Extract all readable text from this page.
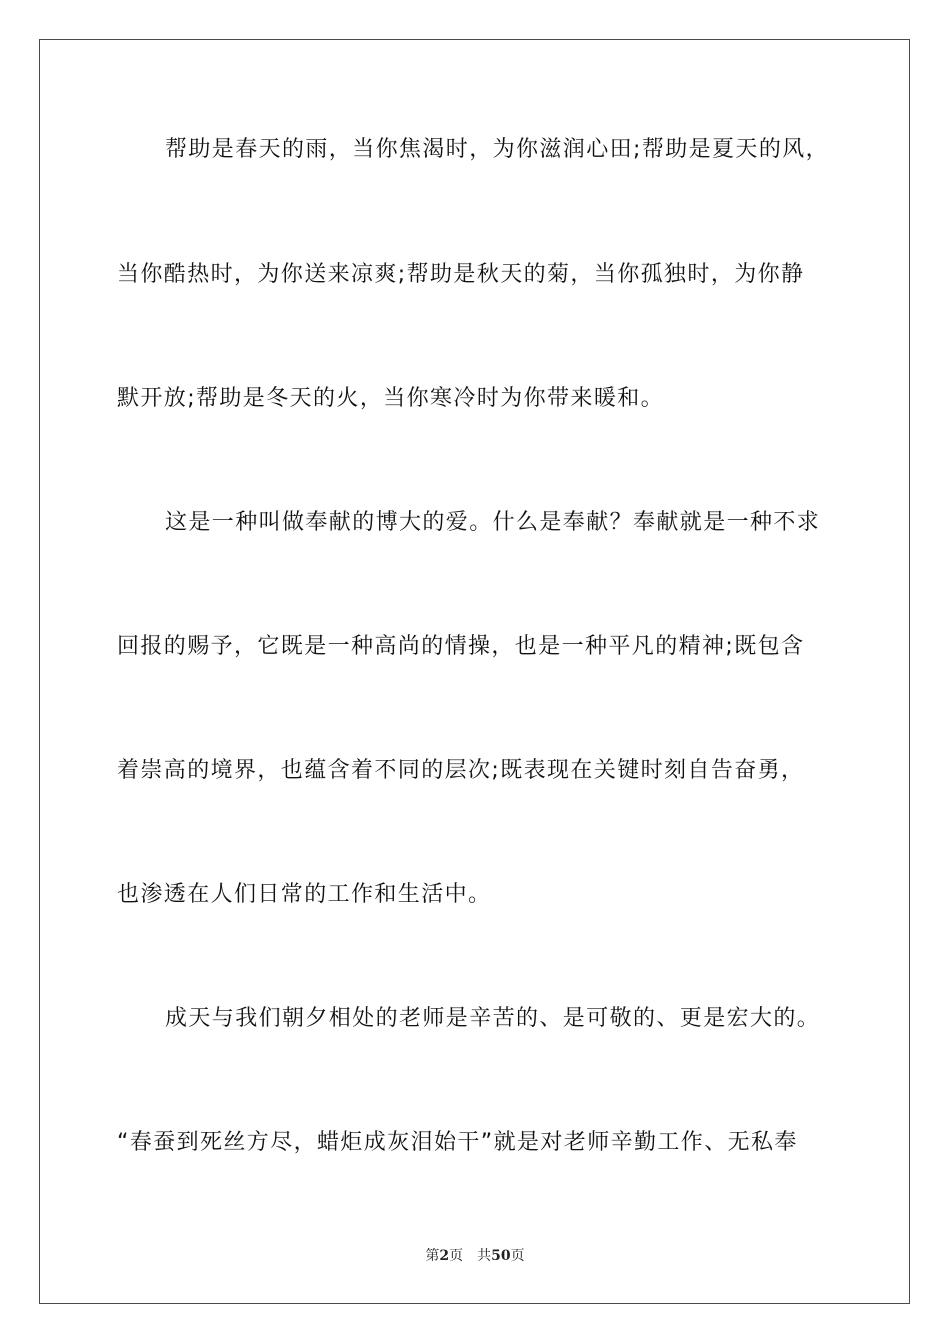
帮助是春天的雨，当你焦渴时，为你滋润心田;帮助是夏天的风，
当你酷热时，为你送来凉爽;帮助是秋天的菊，当你孤独时，为你静
默开放;帮助是冬天的火，当你寒冷时为你带来暖和。
这是一种叫做奉献的博大的爱。什么是奉献？奉献就是一种不求
回报的赐予，它既是一种高尚的情操，也是一种平凡的精神;既包含
着崇高的境界，也蕴含着不同的层次;既表现在关键时刻自告奋勇，
也渗透在人们日常的工作和生活中。
成天与我们朝夕相处的老师是辛苦的、是可敬的、更是宏大的。
“春蚕到死丝方尽，蜡炬成灰泪始干”就是对老师辛勤工作、无私奉
第2页 共50页
